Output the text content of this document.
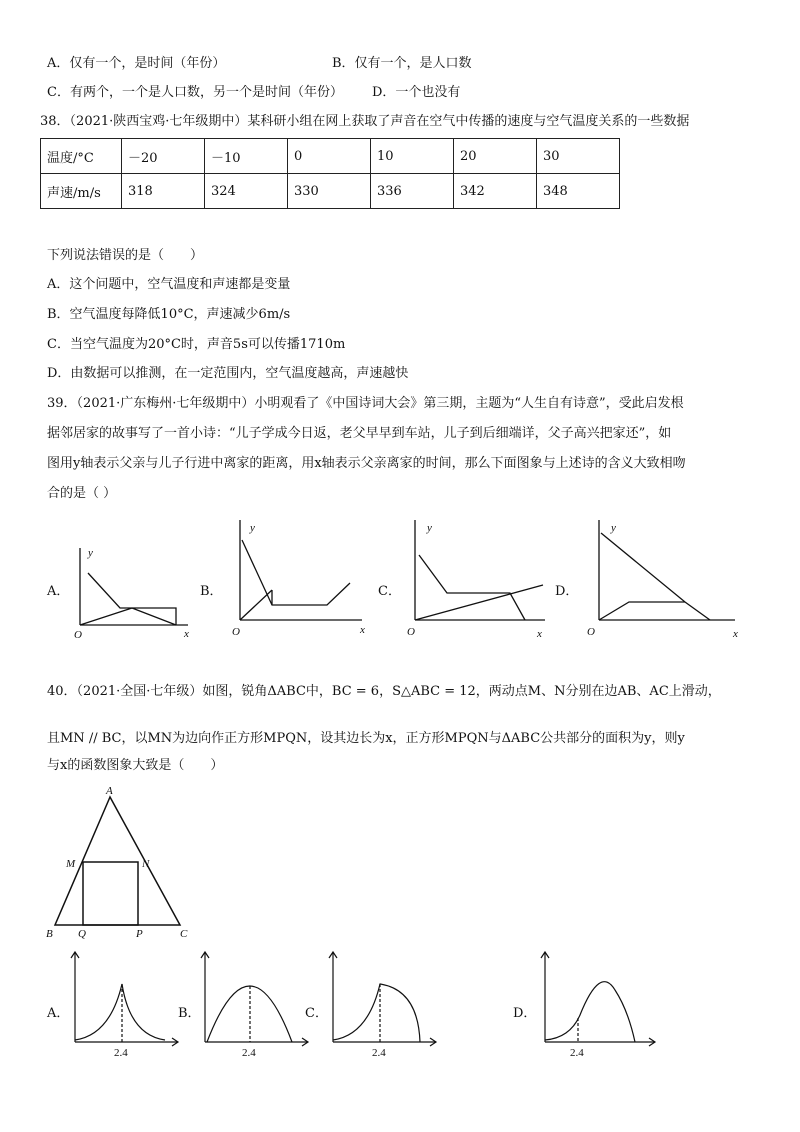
A．仅有一个，是时间（年份）	B．仅有一个，是人口数
C．有两个，一个是人口数，另一个是时间（年份） D．一个也没有
38．（2021·陕西宝鸡·七年级期中）某科研小组在网上获取了声音在空气中传播的速度与空气温度关系的一些数据
温度/°C	－20	－10	0	10	20	30
声速/m/s	318	324	330	336	342	348
下列说法错误的是（　　）
A．这个问题中，空气温度和声速都是变量
B．空气温度每降低10°C，声速减少6m/s
C．当空气温度为20°C时，声音5s可以传播1710m
D．由数据可以推测，在一定范围内，空气温度越高，声速越快
39．（2021·广东梅州·七年级期中）小明观看了《中国诗词大会》第三期，主题为“人生自有诗意”，受此启发根
据邻居家的故事写了一首小诗：“儿子学成今日返，老父早早到车站，儿子到后细端详，父子高兴把家还”，如
图用y轴表示父亲与儿子行进中离家的距离，用x轴表示父亲离家的时间，那么下面图象与上述诗的含义大致相吻
合的是（ ）
A．
y
O	x
B．
y
O	x
C．
y
O	x
D．
y
O	x
40．（2021·全国·七年级）如图，锐角ΔABC中，BC = 6，S△ABC = 12，两动点M、N分别在边AB、AC上滑动，
且MN // BC，以MN为边向作正方形MPQN，设其边长为x，正方形MPQN与ΔABC公共部分的面积为y，则y
与x的函数图象大致是（　　）
A
M	N
B Q	P	C
A．
2.4
B．
2.4
C．
2.4
D．
2.4
